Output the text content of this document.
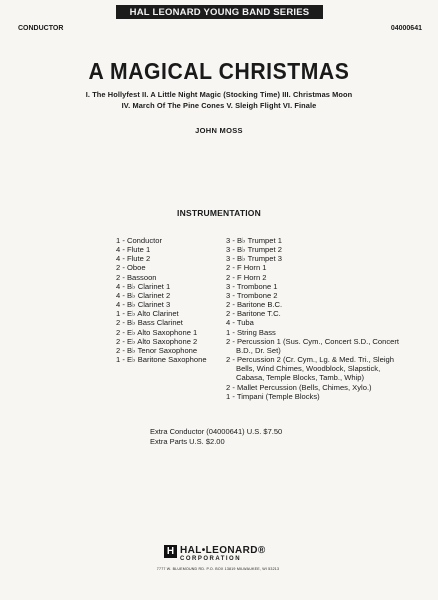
HAL LEONARD YOUNG BAND SERIES
CONDUCTOR	04000641
A MAGICAL CHRISTMAS
I. The Hollyfest II. A Little Night Magic (Stocking Time) III. Christmas Moon
IV. March Of The Pine Cones V. Sleigh Flight VI. Finale
JOHN MOSS
INSTRUMENTATION
1 - Conductor
4 - Flute 1
4 - Flute 2
2 - Oboe
2 - Bassoon
4 - B♭ Clarinet 1
4 - B♭ Clarinet 2
4 - B♭ Clarinet 3
1 - E♭ Alto Clarinet
2 - B♭ Bass Clarinet
2 - E♭ Alto Saxophone 1
2 - E♭ Alto Saxophone 2
2 - B♭ Tenor Saxophone
1 - E♭ Baritone Saxophone
3 - B♭ Trumpet 1
3 - B♭ Trumpet 2
3 - B♭ Trumpet 3
2 - F Horn 1
2 - F Horn 2
3 - Trombone 1
3 - Trombone 2
2 - Baritone B.C.
2 - Baritone T.C.
4 - Tuba
1 - String Bass
2 - Percussion 1 (Sus. Cym., Concert S.D., Concert B.D., Dr. Set)
2 - Percussion 2 (Cr. Cym., Lg. & Med. Tri., Sleigh Bells, Wind Chimes, Woodblock, Slapstick, Cabasa, Temple Blocks, Tamb., Whip)
2 - Mallet Percussion (Bells, Chimes, Xylo.)
1 - Timpani (Temple Blocks)
Extra Conductor (04000641) U.S. $7.50
Extra Parts U.S. $2.00
H HAL•LEONARD®
CORPORATION
7777 W. BLUEMOUND RD. P.O. BOX 13819 MILWAUKEE, WI 53213
